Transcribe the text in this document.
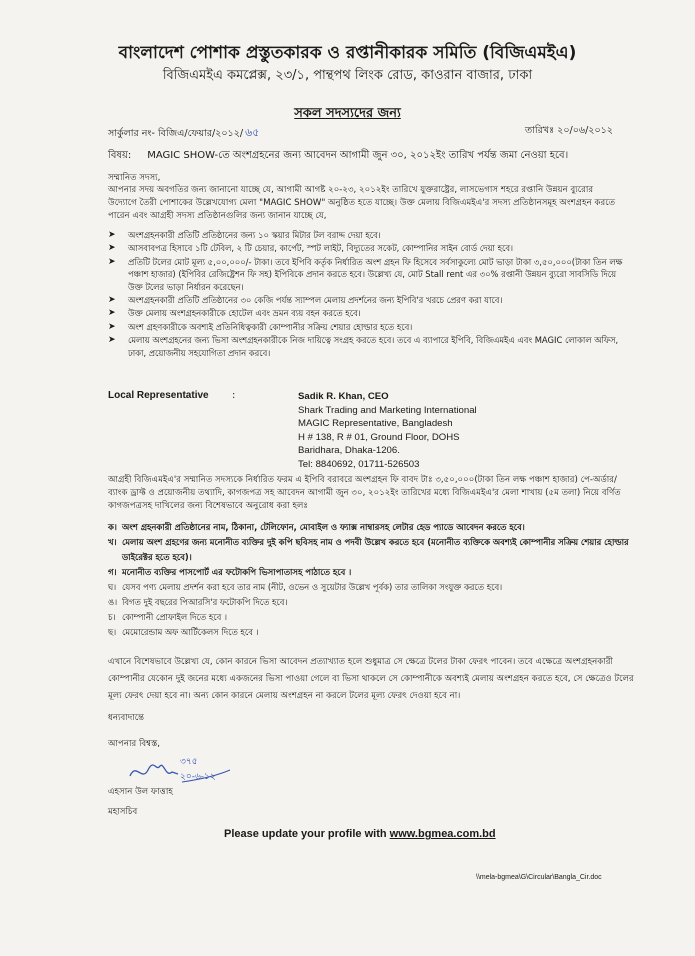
বাংলাদেশ পোশাক প্রস্তুতকারক ও রপ্তানীকারক সমিতি (বিজিএমইএ)
বিজিএমইএ কমপ্লেক্স, ২৩/১, পান্থপথ লিংক রোড, কাওরান বাজার, ঢাকা
সকল সদস্যদের জন্য
সার্কুলার নং- বিজিএ/ফেয়ার/২০১২/ ৬৫	তারিখঃ ২০/০৬/২০১২
বিষয়: MAGIC SHOW-তে অংশগ্রহনের জন্য আবেদন আগামী জুন ৩০, ২০১২ইং তারিখ পর্যন্ত জমা নেওয়া হবে।
সম্মানিত সদস্য,
আপনার সদয় অবগতির জন্য জানানো যাচ্ছে যে, আগামী আগষ্ট ২০-২৩, ২০১২ইং তারিখে যুক্তরাষ্ট্রের, লাসভেগাস শহরে রপ্তানি উন্নয়ন ব্যুরোর উদ্যোগে তৈরী পোশাকের উল্লেখযোগ্য মেলা "MAGIC SHOW" অনুষ্ঠিত হতে যাচ্ছে। উক্ত মেলায় বিজিএমইএ'র সদস্য প্রতিষ্ঠানসমূহ অংশগ্রহন করতে পারেন এবং আগ্রহী সদস্য প্রতিষ্ঠানগুলির জন্য জানান যাচ্ছে যে,
➤ অংশগ্রহনকারী প্রতিটি প্রতিষ্ঠানের জন্য ১০ স্কয়ার মিটার টল বরাদ্দ দেয়া হবে।
➤ আসবাবপত্র হিসাবে ১টি টেবিল, ২ টি চেয়ার, কার্পেট, স্পট লাইট, বিদ্যুতের সকেট, কোম্পানির সাইন বোর্ড দেয়া হবে।
➤ প্রতিটি টলের মোট মূল্য ৫,০০,০০০/- টাকা। তবে ইপিবি কর্তৃক নির্ধারিত অংশ গ্রহন ফি হিসেবে সর্বসাকুল্যে মোট ভাড়া টাকা ৩,৫০,০০০(টাকা তিন লক্ষ পঞ্চাশ হাজার) (ইপিবির রেজিষ্ট্রেশন ফি সহ) ইপিবিকে প্রদান করতে হবে। উল্লেখ্য যে, মোট Stall rent এর ৩০% রপ্তানী উন্নয়ন ব্যুরো সাবসিডি দিয়ে উক্ত টলের ভাড়া নির্ধারন করেছেন।
➤ অংশগ্রহনকারী প্রতিটি প্রতিষ্ঠানের ৩০ কেজি পর্যন্ত স্যাম্পল মেলায় প্রদর্শনের জন্য ইপিবি'র খরচে প্রেরণ করা যাবে।
➤ উক্ত মেলায় অংশগ্রহনকারীকে হোটেল এবং ভ্রমন ব্যয় বহন করতে হবে।
➤ অংশ গ্রহণকারীকে অবশ্যই প্রতিনিধিত্বকারী কোম্পানীর সক্রিয় শেয়ার হোল্ডার হতে হবে।
➤ মেলায় অংশগ্রহনের জন্য ভিসা অংশগ্রহনকারীকে নিজ দায়িত্বে সংগ্রহ করতে হবে। তবে এ ব্যাপারে ইপিবি, বিজিএমইএ এবং MAGIC লোকাল অফিস, ঢাকা, প্রয়োজনীয় সহযোগিতা প্রদান করবে।
Local Representative :	Sadik R. Khan, CEO
Shark Trading and Marketing International
MAGIC Representative, Bangladesh
H # 138, R # 01, Ground Floor, DOHS
Baridhara, Dhaka-1206.
Tel: 8840692, 01711-526503
আগ্রহী বিজিএমইএ'র সম্মানিত সদস্যকে নির্ধারিত ফরম এ ইপিবি বরাবরে অংশগ্রহন ফি বাবদ টাঃ ৩,৫০,০০০(টাকা তিন লক্ষ পঞ্চাশ হাজার) পে-অর্ডার/ব্যাংক ড্রাফ্ট ও প্রয়োজনীয় তথ্যাদি, কাগজপত্র সহ আবেদন আগামী জুন ৩০, ২০১২ইং তারিখের মধ্যে বিজিএমইএ'র মেলা শাখায় (৫ম তলা) নিয়ে বর্ণিত কাগজপত্রসহ দাখিলের জন্য বিশেষভাবে অনুরোধ করা হলঃ
ক। অংশ গ্রহনকারী প্রতিষ্ঠানের নাম, ঠিকানা, টেলিফোন, মোবাইল ও ফ্যাক্স নাম্বারসহ লেটার হেড প্যাডে আবেদন করতে হবে।
খ। মেলায় অংশ গ্রহণের জন্য মনোনীত ব্যক্তির দুই কপি ছবিসহ নাম ও পদবী উল্লেখ করতে হবে (মনোনীত ব্যক্তিকে অবশ্যই কোম্পানীর সক্রিয় শেয়ার হোল্ডার ডাইরেক্টর হতে হবে)।
গ। মনোনীত ব্যক্তির পাসপোর্ট এর ফটোকপি ভিসাপাতাসহ পাঠাতে হবে ।
ঘ। যেসব পণ্য মেলায় প্রদর্শন করা হবে তার নাম (নীট, ওভেন ও সুয়েটার উল্লেখ পূর্বক) তার তালিকা সংযুক্ত করতে হবে।
ঙ। বিগত দুই বছরের পিআরসি'র ফটোকপি দিতে হবে।
চ। কোম্পানী প্রোফাইল দিতে হবে ।
ছ। মেমোরেন্ডাম অফ আর্টিকেলস দিতে হবে ।
এখানে বিশেষভাবে উল্লেখ্য যে, কোন কারনে ভিসা আবেদন প্রত্যাখ্যাত হলে শুধুমাত্র সে ক্ষেত্রে টলের টাকা ফেরৎ পাবেন। তবে এক্ষেত্রে অংশগ্রহনকারী কোম্পানীর যেকোন দুই জনের মধ্যে একজনের ভিসা পাওয়া গেলে বা ভিসা থাকলে সে কোম্পানীকে অবশ্যই মেলায় অংশগ্রহন করতে হবে, সে ক্ষেত্রেও টলের মূল্য ফেরৎ দেয়া হবে না। অন্য কোন কারনে মেলায় অংশগ্রহন না করলে টলের মূল্য ফেরৎ দেওয়া হবে না।
ধন্যবাদান্তে
আপনার বিশ্বস্ত,
৩৭৫ ২০-৬-১২
এহসান উল ফাত্তাহ
মহাসচিব
Please update your profile with www.bgmea.com.bd
\\mela-bgmea\G\Circular\Bangla_Cir.doc
